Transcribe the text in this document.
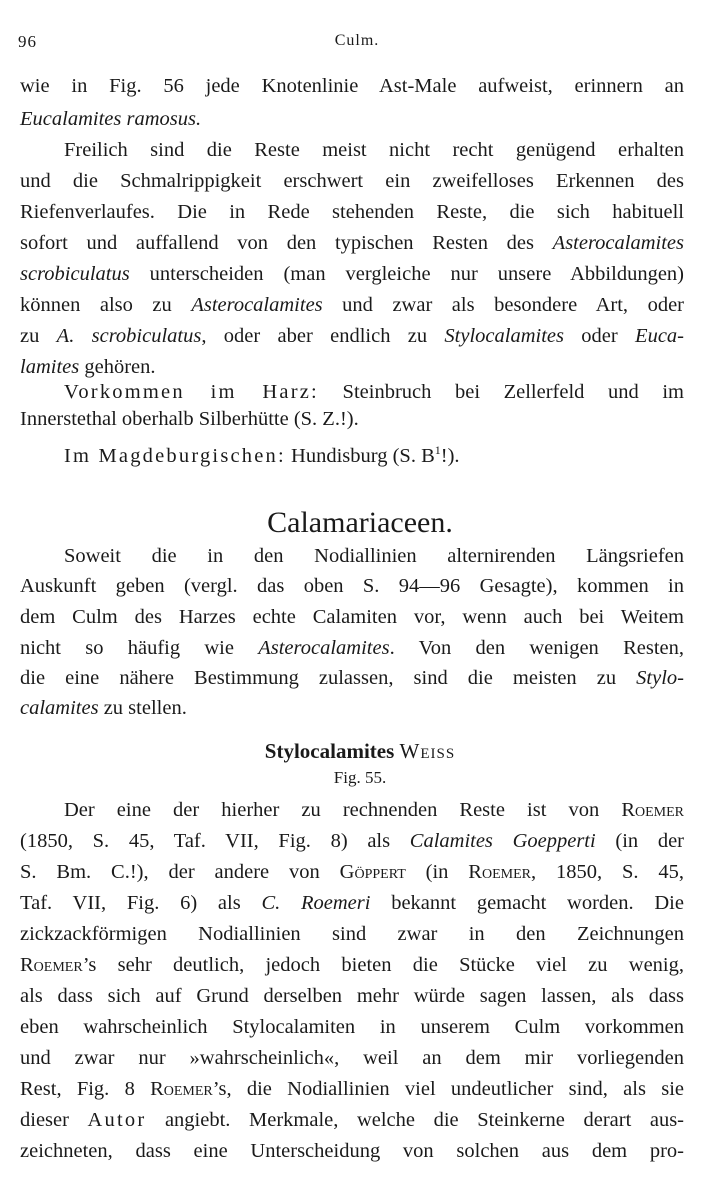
96	Culm.
wie in Fig. 56 jede Knotenlinie Ast-Male aufweist, erinnern an
Eucalamites ramosus.
Freilich sind die Reste meist nicht recht genügend erhalten
und die Schmalrippigkeit erschwert ein zweifelloses Erkennen des
Riefenverlaufes. Die in Rede stehenden Reste, die sich habituell
sofort und auffallend von den typischen Resten des Asterocalamites
scrobiculatus unterscheiden (man vergleiche nur unsere Abbildungen)
können also zu Asterocalamites und zwar als besondere Art, oder
zu A. scrobiculatus, oder aber endlich zu Stylocalamites oder Euca-
lamites gehören.
Vorkommen im Harz: Steinbruch bei Zellerfeld und im
Innerstethal oberhalb Silberhütte (S. Z.!).
Im Magdeburgischen: Hundisburg (S. $B^1$!).
Calamariaceen.
Soweit die in den Nodiallinien alternirenden Längsriefen
Auskunft geben (vergl. das oben S. 94—96 Gesagte), kommen in
dem Culm des Harzes echte Calamiten vor, wenn auch bei Weitem
nicht so häufig wie Asterocalamites. Von den wenigen Resten,
die eine nähere Bestimmung zulassen, sind die meisten zu Stylo-
calamites zu stellen.
Stylocalamites Weiss
Fig. 55.
Der eine der hierher zu rechnenden Reste ist von Roemer
(1850, S. 45, Taf. VII, Fig. 8) als Calamites Goepperti (in der
S. Bm. C.!), der andere von Göppert (in Roemer, 1850, S. 45,
Taf. VII, Fig. 6) als C. Roemeri bekannt gemacht worden. Die
zickzackförmigen Nodiallinien sind zwar in den Zeichnungen
Roemer’s sehr deutlich, jedoch bieten die Stücke viel zu wenig,
als dass sich auf Grund derselben mehr würde sagen lassen, als dass
eben wahrscheinlich Stylocalamiten in unserem Culm vorkommen
und zwar nur »wahrscheinlich«, weil an dem mir vorliegenden
Rest, Fig. 8 Roemer’s, die Nodiallinien viel undeutlicher sind, als sie
dieser Autor angiebt. Merkmale, welche die Steinkerne derart aus-
zeichneten, dass eine Unterscheidung von solchen aus dem pro-
